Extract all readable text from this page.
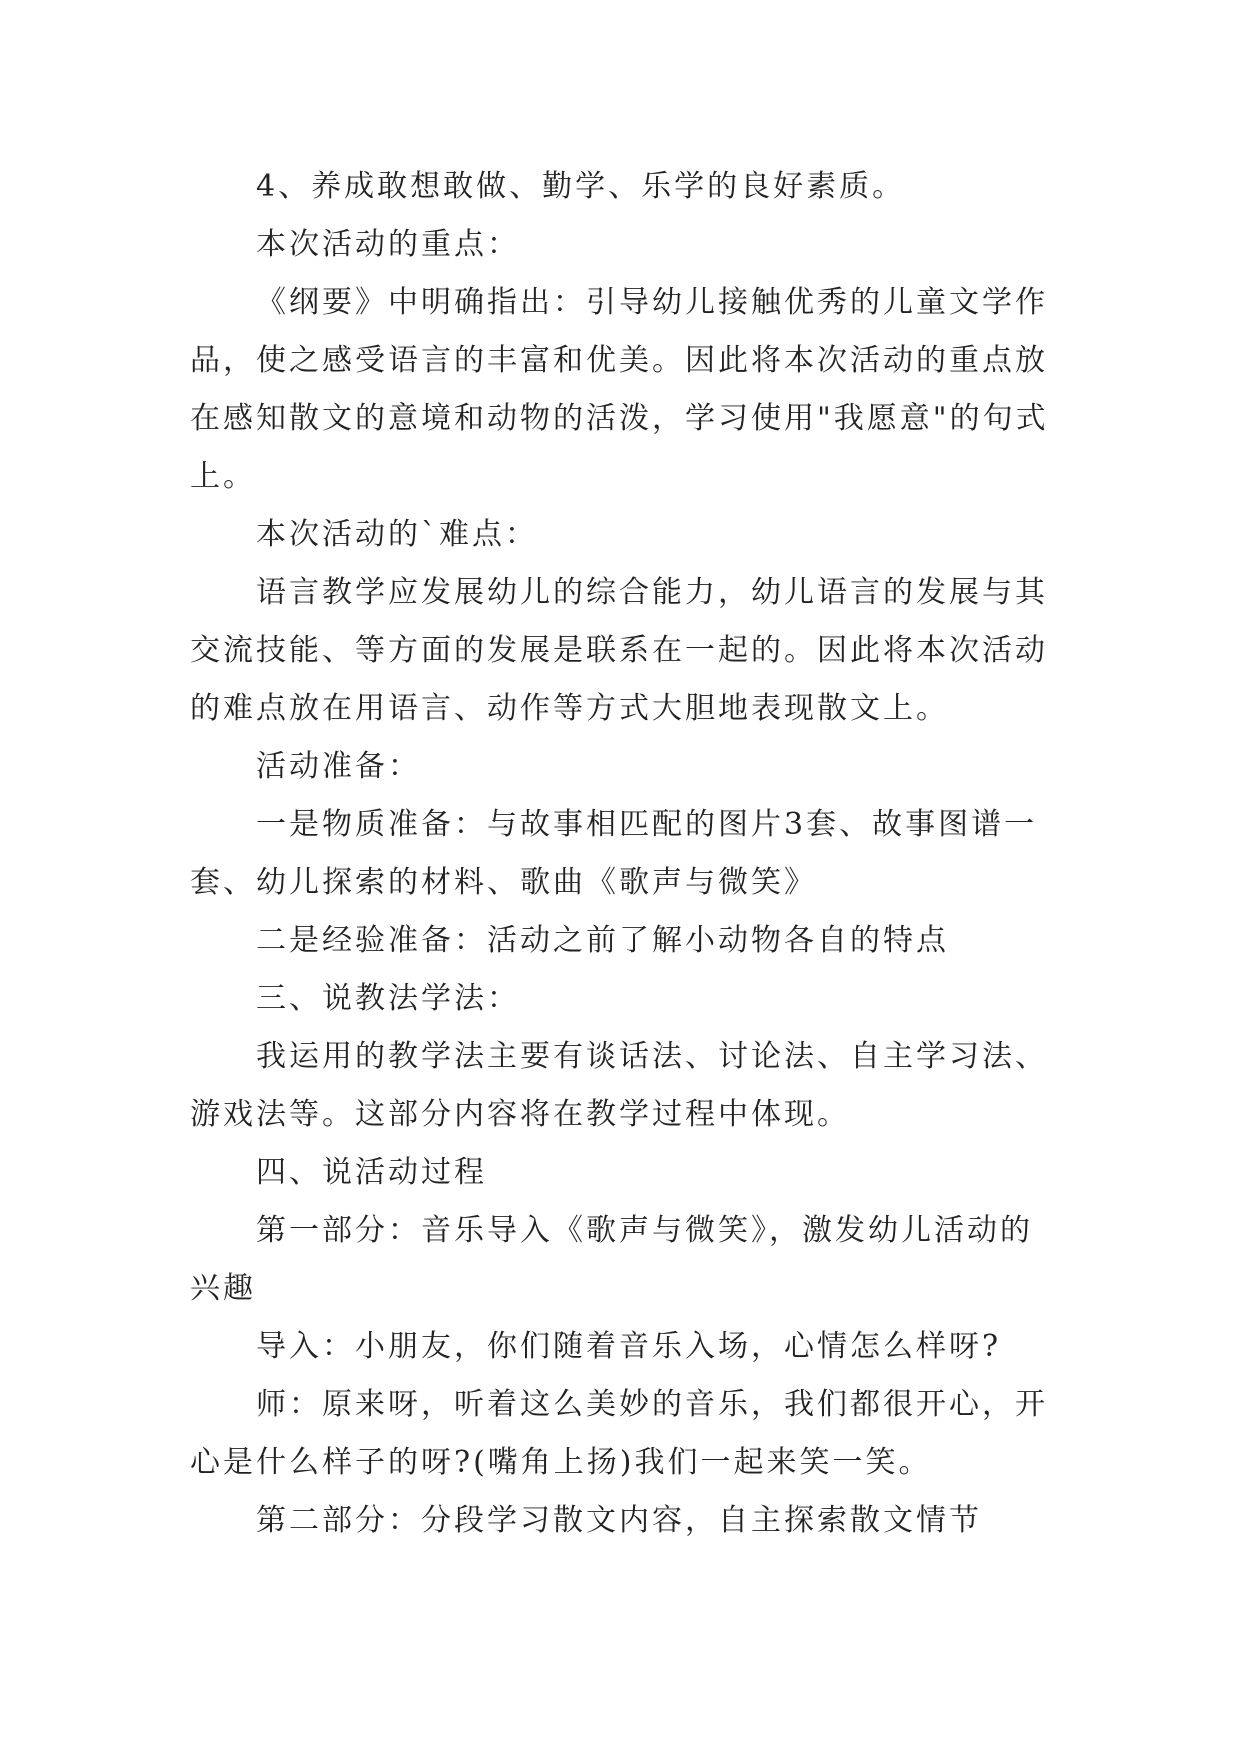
4、养成敢想敢做、勤学、乐学的良好素质。

本次活动的重点：

《纲要》中明确指出：引导幼儿接触优秀的儿童文学作品，使之感受语言的丰富和优美。因此将本次活动的重点放在感知散文的意境和动物的活泼，学习使用"我愿意"的句式上。

本次活动的`难点：

语言教学应发展幼儿的综合能力，幼儿语言的发展与其交流技能、等方面的发展是联系在一起的。因此将本次活动的难点放在用语言、动作等方式大胆地表现散文上。

活动准备：

一是物质准备：与故事相匹配的图片3套、故事图谱一套、幼儿探索的材料、歌曲《歌声与微笑》

二是经验准备：活动之前了解小动物各自的特点

三、说教法学法：

我运用的教学法主要有谈话法、讨论法、自主学习法、游戏法等。这部分内容将在教学过程中体现。

四、说活动过程

第一部分：音乐导入《歌声与微笑》，激发幼儿活动的兴趣

导入：小朋友，你们随着音乐入场，心情怎么样呀?

师：原来呀，听着这么美妙的音乐，我们都很开心，开心是什么样子的呀?(嘴角上扬)我们一起来笑一笑。

第二部分：分段学习散文内容，自主探索散文情节
